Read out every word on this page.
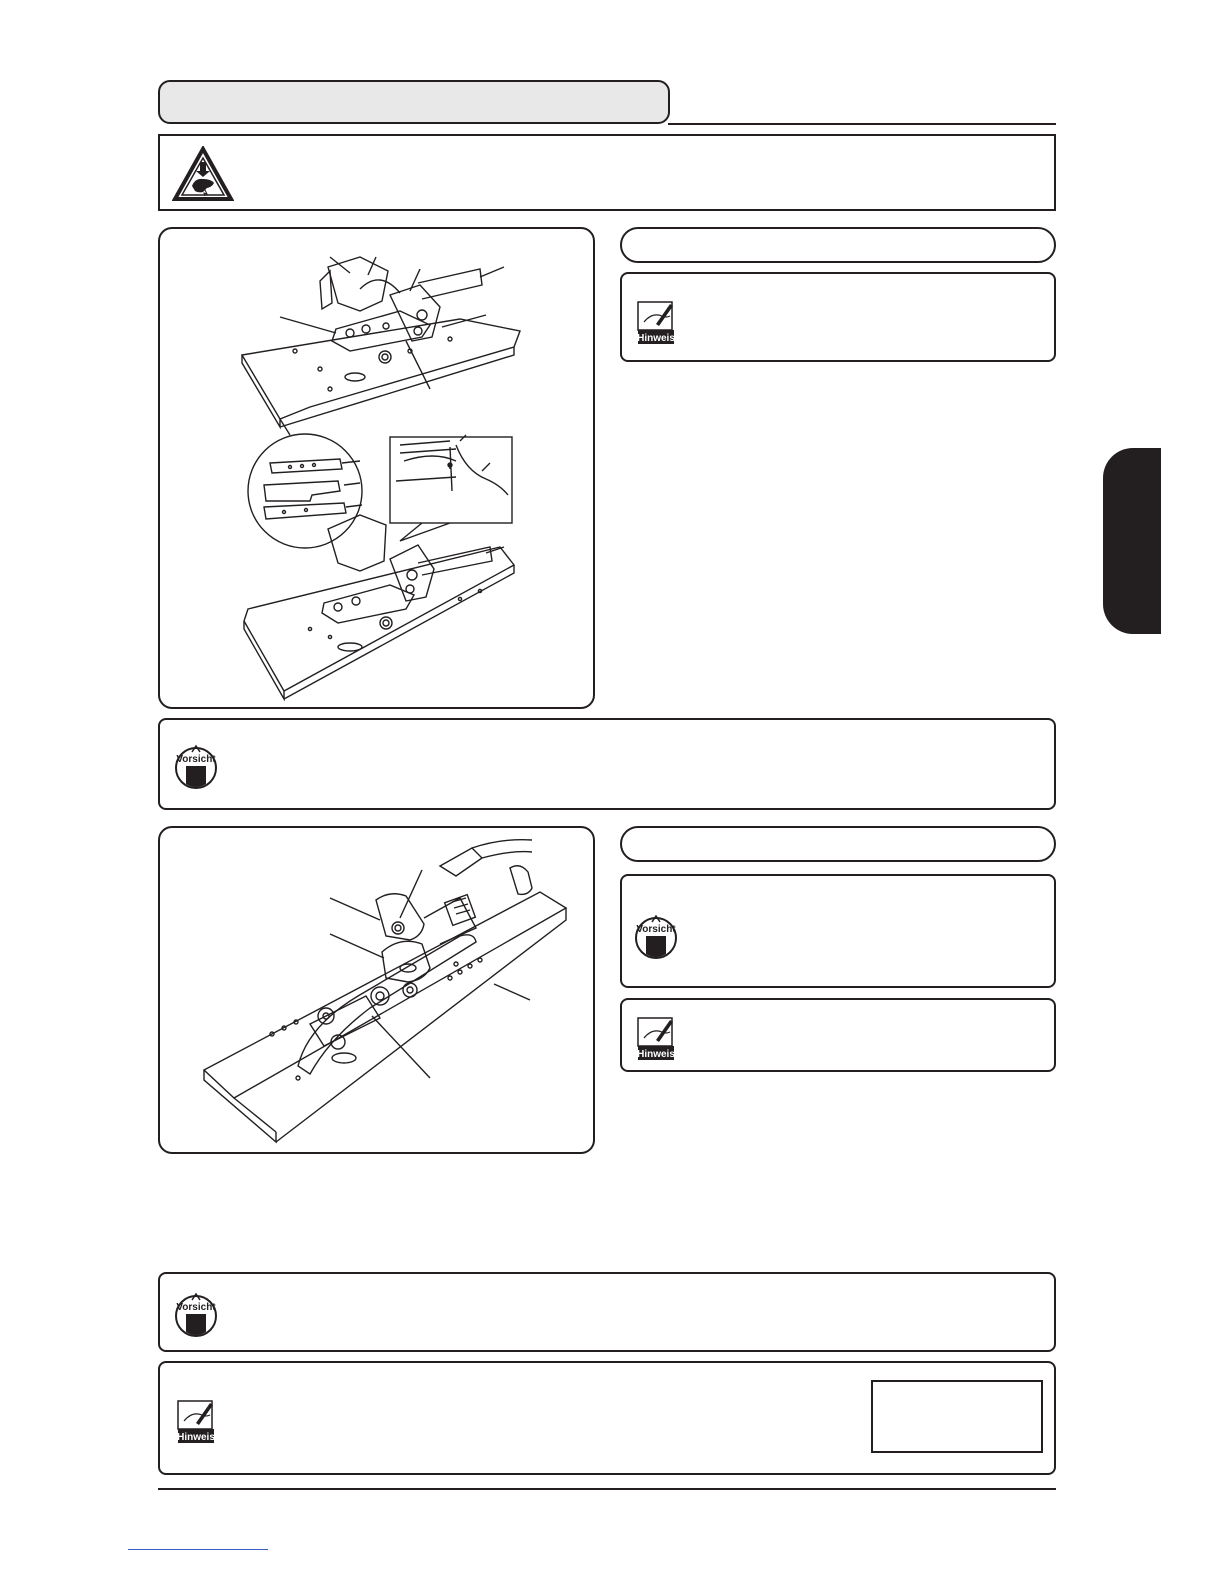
Hinweis
Vorsicht
Vorsicht
Hinweis
Vorsicht
Hinweis
